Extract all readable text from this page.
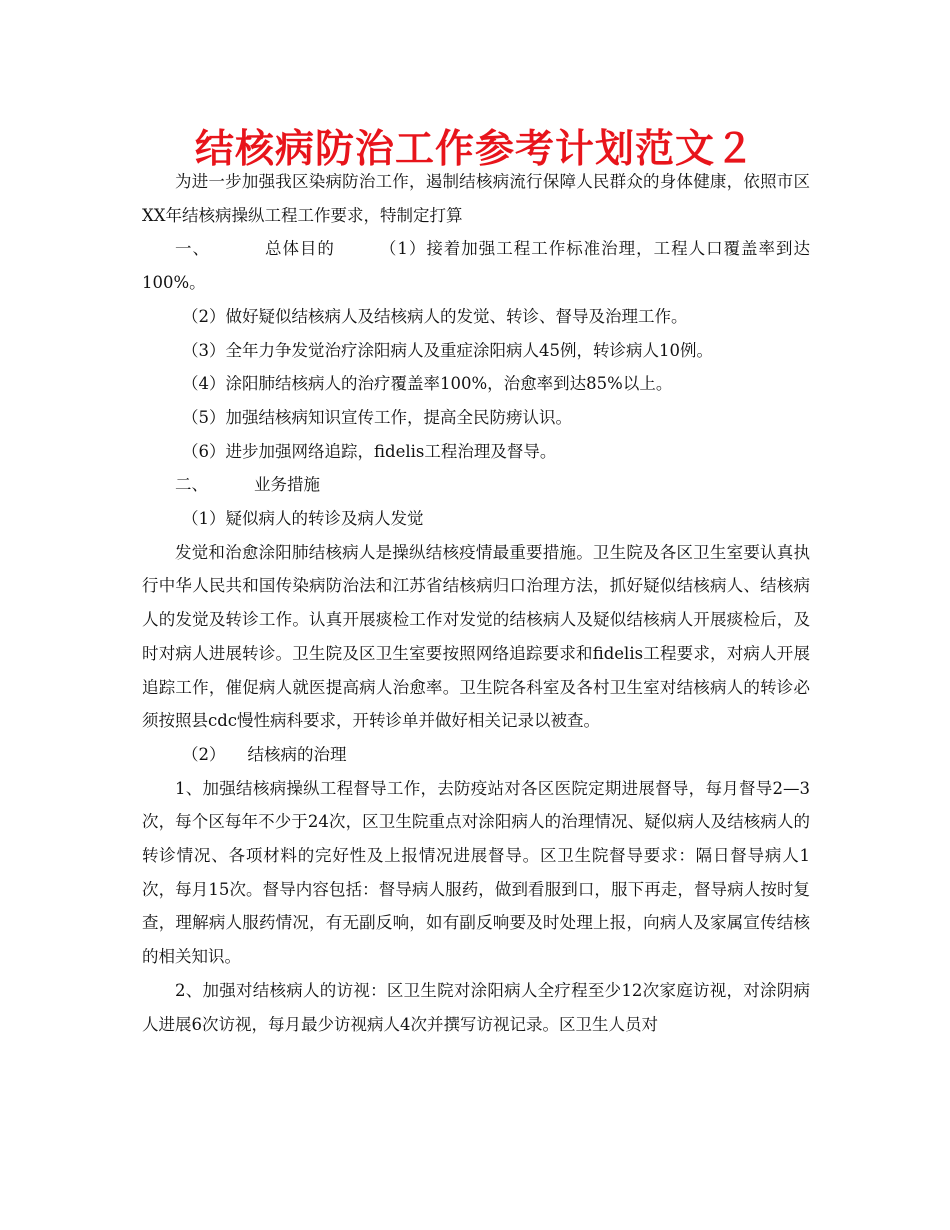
结核病防治工作参考计划范文２

为进一步加强我区染病防治工作，遏制结核病流行保障人民群众的身体健康，依照市区XX年结核病操纵工程工作要求，特制定打算

一、	总体目的	（1）接着加强工程工作标准治理，工程人口覆盖率到达100%。

（2）做好疑似结核病人及结核病人的发觉、转诊、督导及治理工作。

（3）全年力争发觉治疗涂阳病人及重症涂阳病人45例，转诊病人10例。

（4）涂阳肺结核病人的治疗覆盖率100%，治愈率到达85%以上。

（5）加强结核病知识宣传工作，提高全民防痨认识。

（6）进步加强网络追踪，fidelis工程治理及督导。

二、	业务措施

（1）疑似病人的转诊及病人发觉

发觉和治愈涂阳肺结核病人是操纵结核疫情最重要措施。卫生院及各区卫生室要认真执行中华人民共和国传染病防治法和江苏省结核病归口治理方法，抓好疑似结核病人、结核病人的发觉及转诊工作。认真开展痰检工作对发觉的结核病人及疑似结核病人开展痰检后，及时对病人进展转诊。卫生院及区卫生室要按照网络追踪要求和fidelis工程要求，对病人开展追踪工作，催促病人就医提高病人治愈率。卫生院各科室及各村卫生室对结核病人的转诊必须按照县cdc慢性病科要求，开转诊单并做好相关记录以被查。

（2） 结核病的治理

1、加强结核病操纵工程督导工作，去防疫站对各区医院定期进展督导，每月督导2—3次，每个区每年不少于24次，区卫生院重点对涂阳病人的治理情况、疑似病人及结核病人的转诊情况、各项材料的完好性及上报情况进展督导。区卫生院督导要求：隔日督导病人1次，每月15次。督导内容包括：督导病人服药，做到看服到口，服下再走，督导病人按时复查，理解病人服药情况，有无副反响，如有副反响要及时处理上报，向病人及家属宣传结核的相关知识。

2、加强对结核病人的访视：区卫生院对涂阳病人全疗程至少12次家庭访视，对涂阴病人进展6次访视，每月最少访视病人4次并撰写访视记录。区卫生人员对
